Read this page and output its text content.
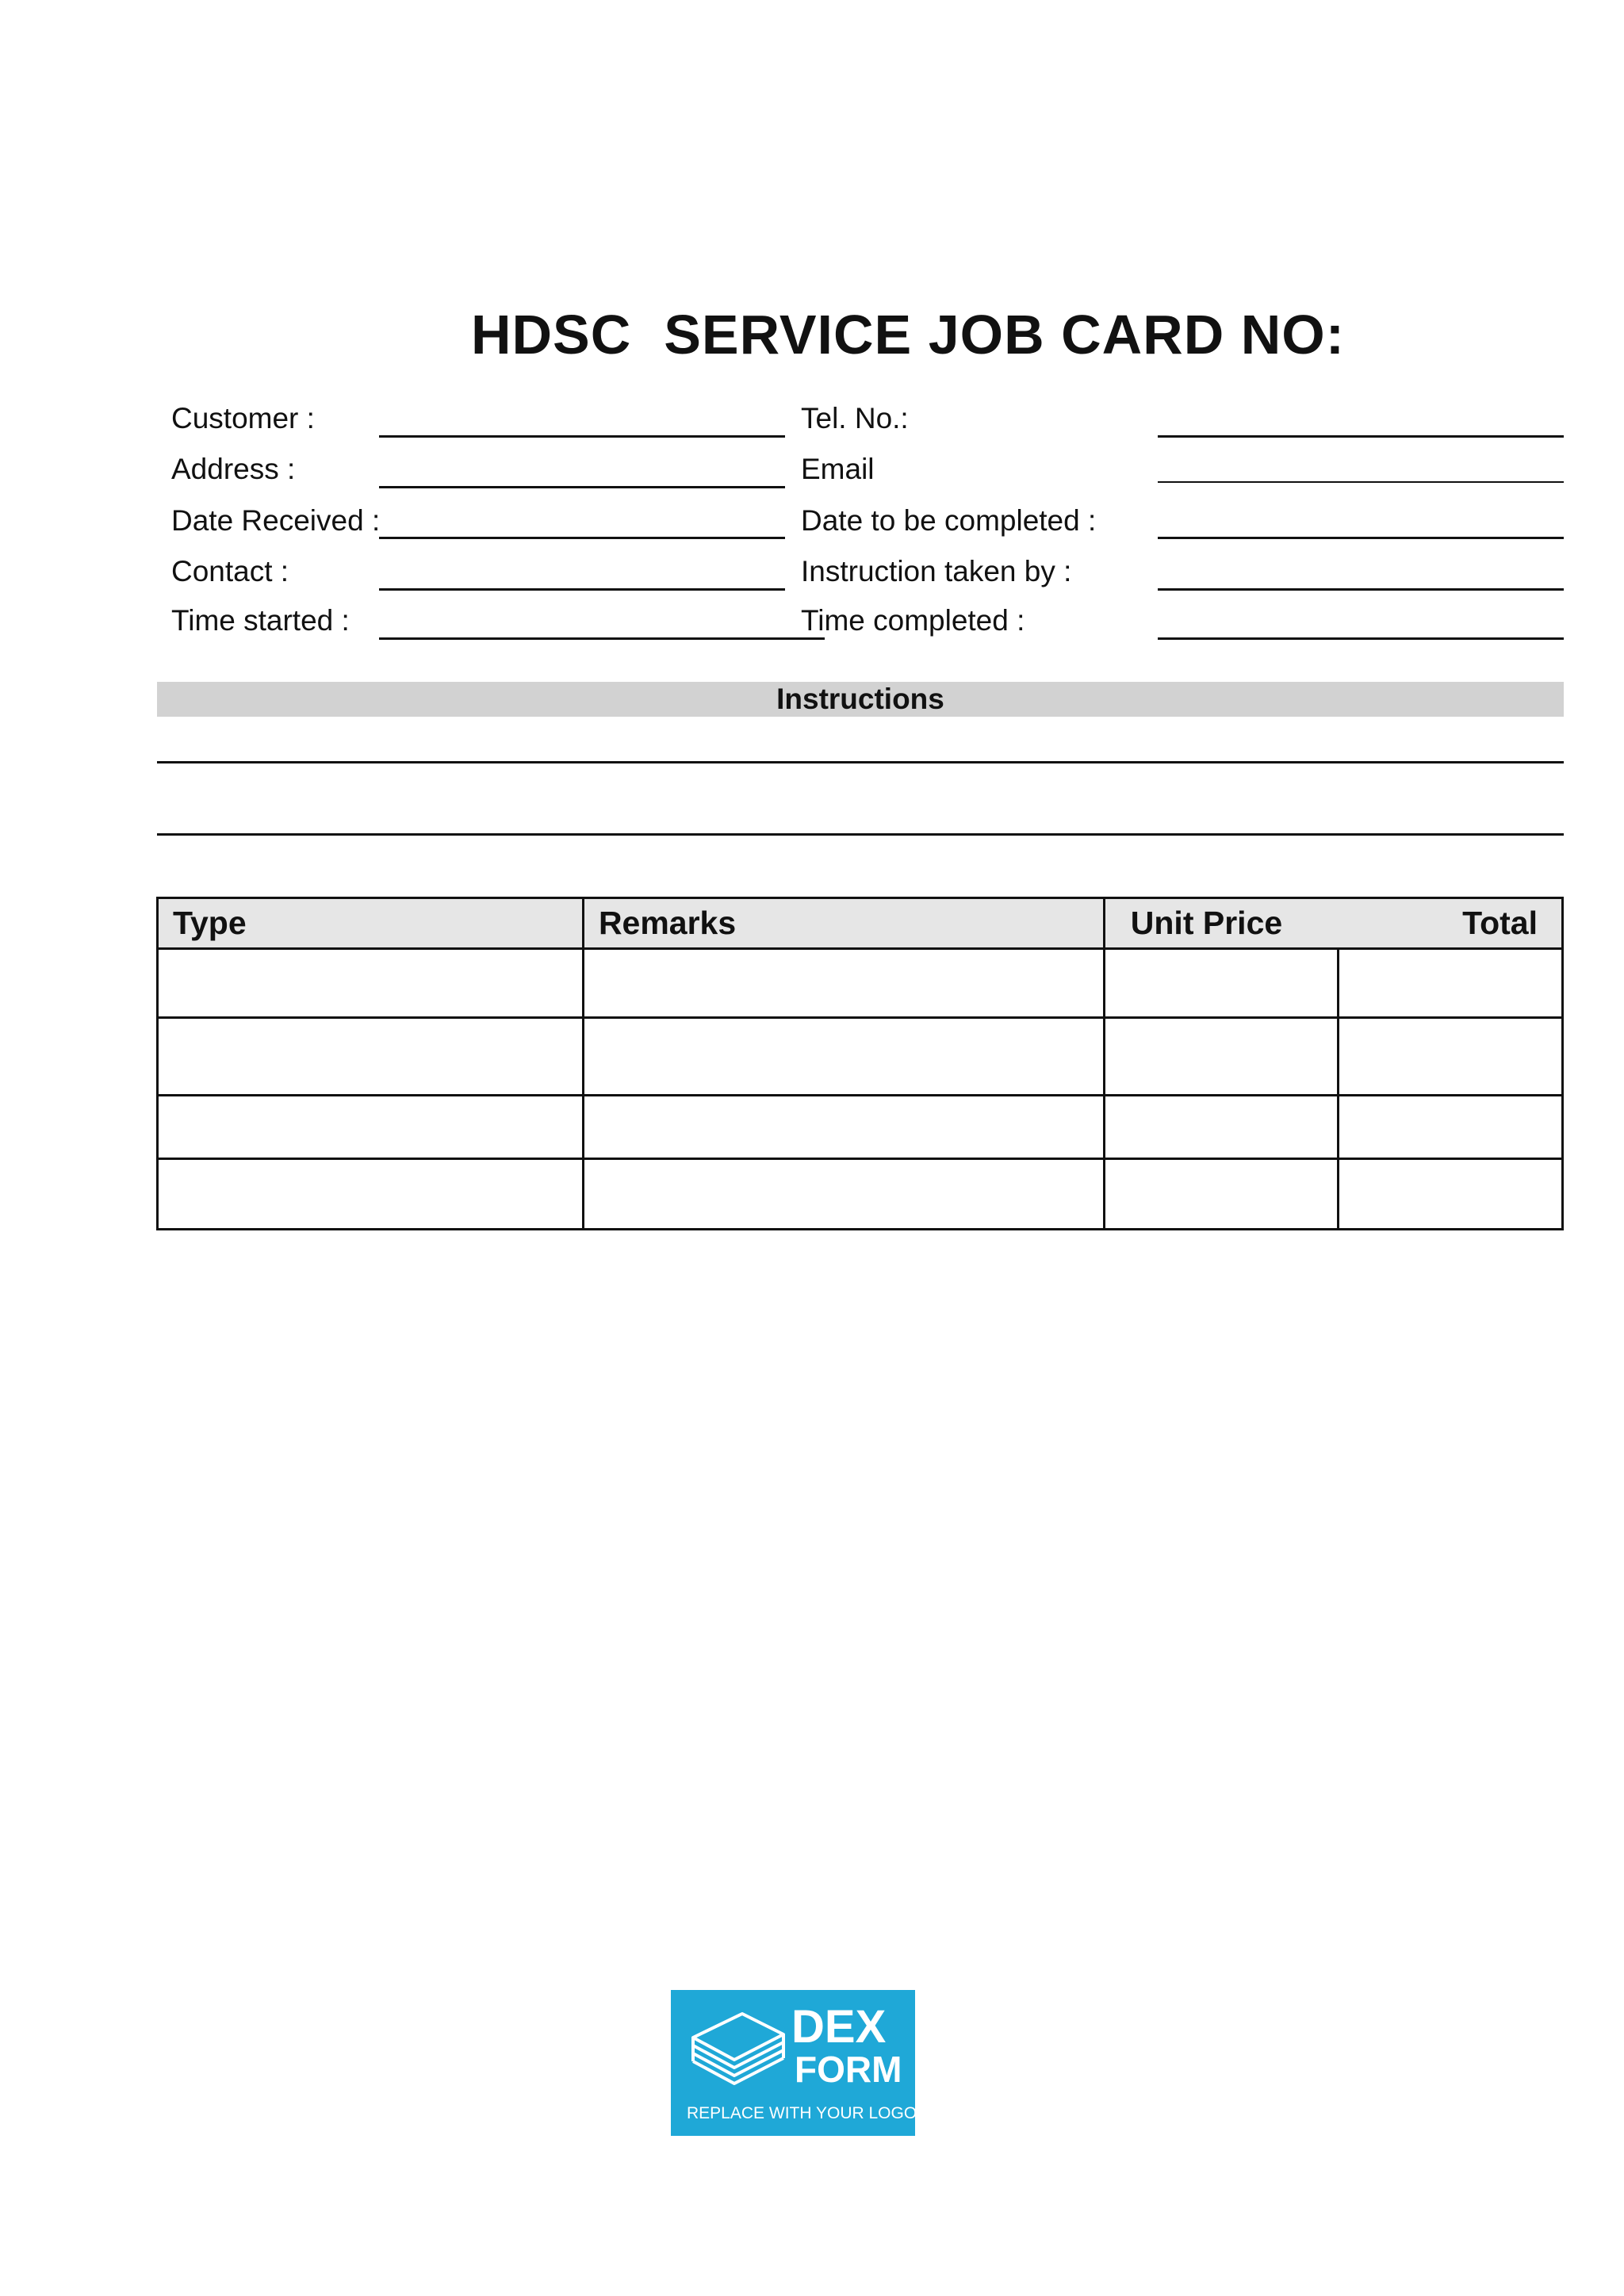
HDSC  SERVICE JOB CARD NO:
Customer :
Address :
Date Received :
Contact :
Time started :
Tel. No.:
Email
Date to be completed :
Instruction taken by :
Time completed :
Instructions
Type	Remarks	Unit Price	Total

DEX
FORM
REPLACE WITH YOUR LOGO
